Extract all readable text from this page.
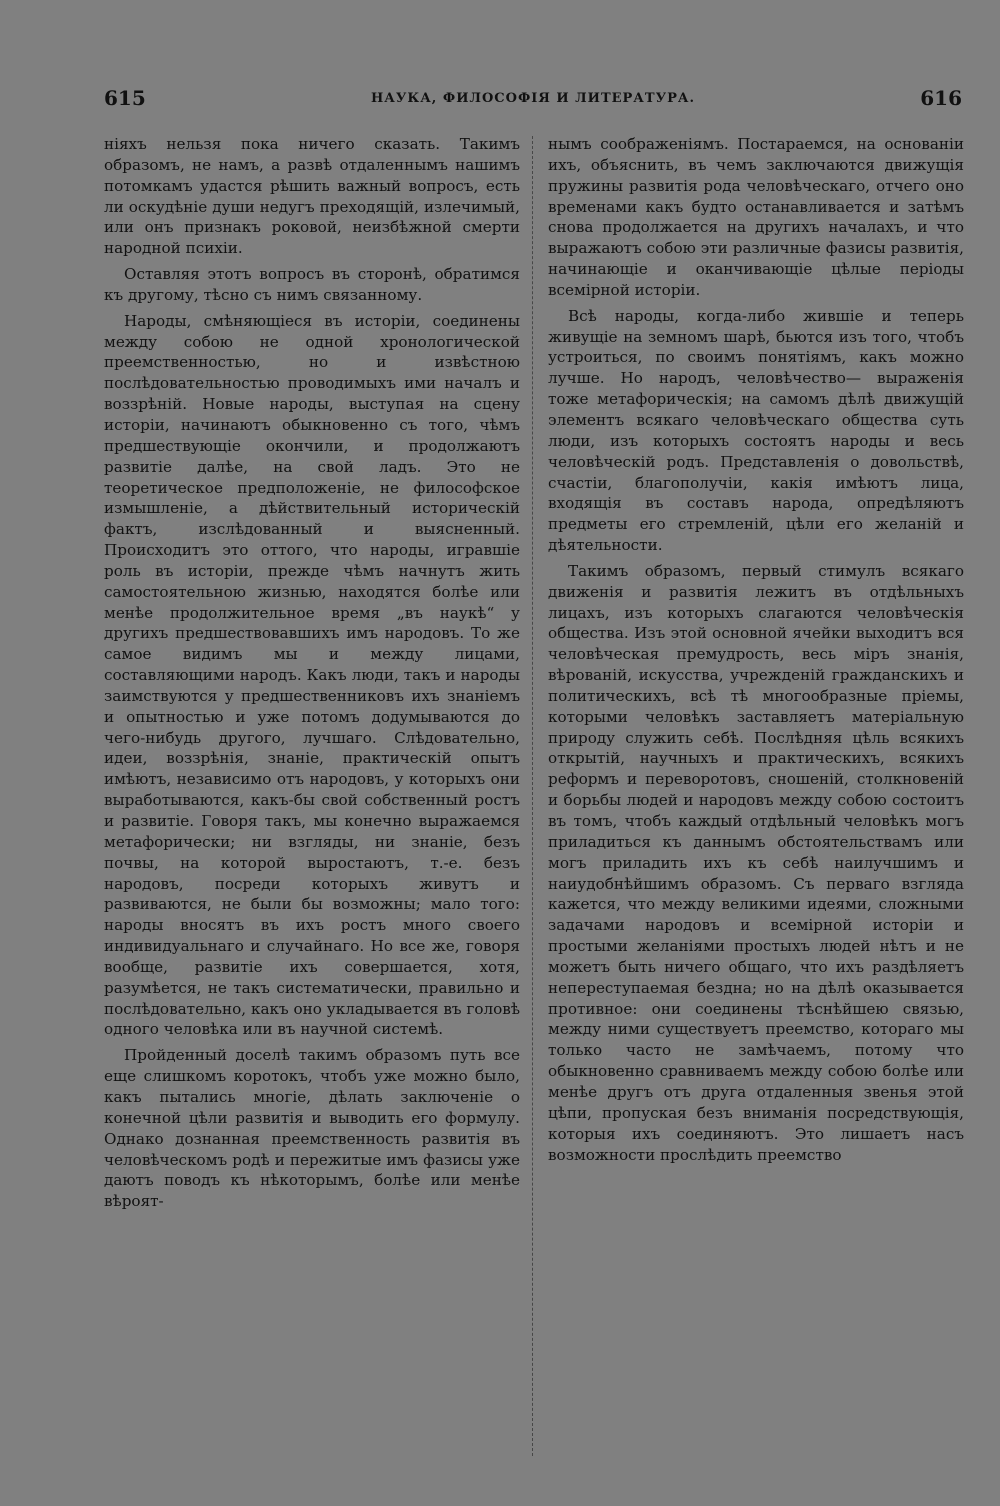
615	НАУКА, ФИЛОСОФІЯ И ЛИТЕРАТУРА.	616

ніяхъ нельзя пока ничего сказать. Такимъ образомъ, не намъ, а развѣ отдаленнымъ нашимъ потомкамъ удастся рѣшить важный вопросъ, есть ли оскудѣніе души недугъ преходящій, излечимый, или онъ признакъ роковой, неизбѣжной смерти народной психіи.

Оставляя этотъ вопросъ въ сторонѣ, обратимся къ другому, тѣсно съ нимъ связанному.

Народы, смѣняющіеся въ исторіи, соединены между собою не одной хронологической преемственностью, но и извѣстною послѣдовательностью проводимыхъ ими началъ и воззрѣній. Новые народы, выступая на сцену исторіи, начинаютъ обыкновенно съ того, чѣмъ предшествующіе окончили, и продолжаютъ развитіе далѣе, на свой ладъ. Это не теоретическое предположеніе, не философское измышленіе, а дѣйствительный историческій фактъ, изслѣдованный и выясненный. Происходитъ это оттого, что народы, игравшіе роль въ исторіи, прежде чѣмъ начнутъ жить самостоятельною жизнью, находятся болѣе или менѣе продолжительное время „въ наукѣ“ у другихъ предшествовавшихъ имъ народовъ. То же самое видимъ мы и между лицами, составляющими народъ. Какъ люди, такъ и народы заимствуются у предшественниковъ ихъ знаніемъ и опытностью и уже потомъ додумываются до чего-нибудь другого, лучшаго. Слѣдовательно, идеи, воззрѣнія, знаніе, практическій опытъ имѣютъ, независимо отъ народовъ, у которыхъ они выработываются, какъ-бы свой собственный ростъ и развитіе. Говоря такъ, мы конечно выражаемся метафорически; ни взгляды, ни знаніе, безъ почвы, на которой выростаютъ, т.-е. безъ народовъ, посреди которыхъ живутъ и развиваются, не были бы возможны; мало того: народы вносятъ въ ихъ ростъ много своего индивидуальнаго и случайнаго. Но все же, говоря вообще, развитіе ихъ совершается, хотя, разумѣется, не такъ систематически, правильно и послѣдовательно, какъ оно укладывается въ головѣ одного человѣка или въ научной системѣ.

Пройденный доселѣ такимъ образомъ путь все еще слишкомъ коротокъ, чтобъ уже можно было, какъ пытались многіе, дѣлать заключеніе о конечной цѣли развитія и выводить его формулу. Однако дознанная преемственность развитія въ человѣческомъ родѣ и пережитые имъ фазисы уже даютъ поводъ къ нѣкоторымъ, болѣе или менѣе вѣроят-

нымъ соображеніямъ. Постараемся, на основаніи ихъ, объяснить, въ чемъ заключаются движущія пружины развитія рода человѣческаго, отчего оно временами какъ будто останавливается и затѣмъ снова продолжается на другихъ началахъ, и что выражаютъ собою эти различные фазисы развитія, начинающіе и оканчивающіе цѣлые періоды всемірной исторіи.

Всѣ народы, когда-либо жившіе и теперь живущіе на земномъ шарѣ, бьются изъ того, чтобъ устроиться, по своимъ понятіямъ, какъ можно лучше. Но народъ, человѣчество— выраженія тоже метафорическія; на самомъ дѣлѣ движущій элементъ всякаго человѣческаго общества суть люди, изъ которыхъ состоятъ народы и весь человѣческій родъ. Представленія о довольствѣ, счастіи, благополучіи, какія имѣютъ лица, входящія въ составъ народа, опредѣляютъ предметы его стремленій, цѣли его желаній и дѣятельности.

Такимъ образомъ, первый стимулъ всякаго движенія и развитія лежитъ въ отдѣльныхъ лицахъ, изъ которыхъ слагаются человѣческія общества. Изъ этой основной ячейки выходитъ вся человѣческая премудрость, весь міръ знанія, вѣрованій, искусства, учрежденій гражданскихъ и политическихъ, всѣ тѣ многообразные пріемы, которыми человѣкъ заставляетъ матеріальную природу служить себѣ. Послѣдняя цѣль всякихъ открытій, научныхъ и практическихъ, всякихъ реформъ и переворотовъ, сношеній, столкновеній и борьбы людей и народовъ между собою состоитъ въ томъ, чтобъ каждый отдѣльный человѣкъ могъ приладиться къ даннымъ обстоятельствамъ или могъ приладить ихъ къ себѣ наилучшимъ и наиудобнѣйшимъ образомъ. Съ перваго взгляда кажется, что между великими идеями, сложными задачами народовъ и всемірной исторіи и простыми желаніями простыхъ людей нѣтъ и не можетъ быть ничего общаго, что ихъ раздѣляетъ непереступаемая бездна; но на дѣлѣ оказывается противное: они соединены тѣснѣйшею связью, между ними существуетъ преемство, котораго мы только часто не замѣчаемъ, потому что обыкновенно сравниваемъ между собою болѣе или менѣе другъ отъ друга отдаленныя звенья этой цѣпи, пропуская безъ вниманія посредствующія, которыя ихъ соединяютъ. Это лишаетъ насъ возможности прослѣдить преемство
